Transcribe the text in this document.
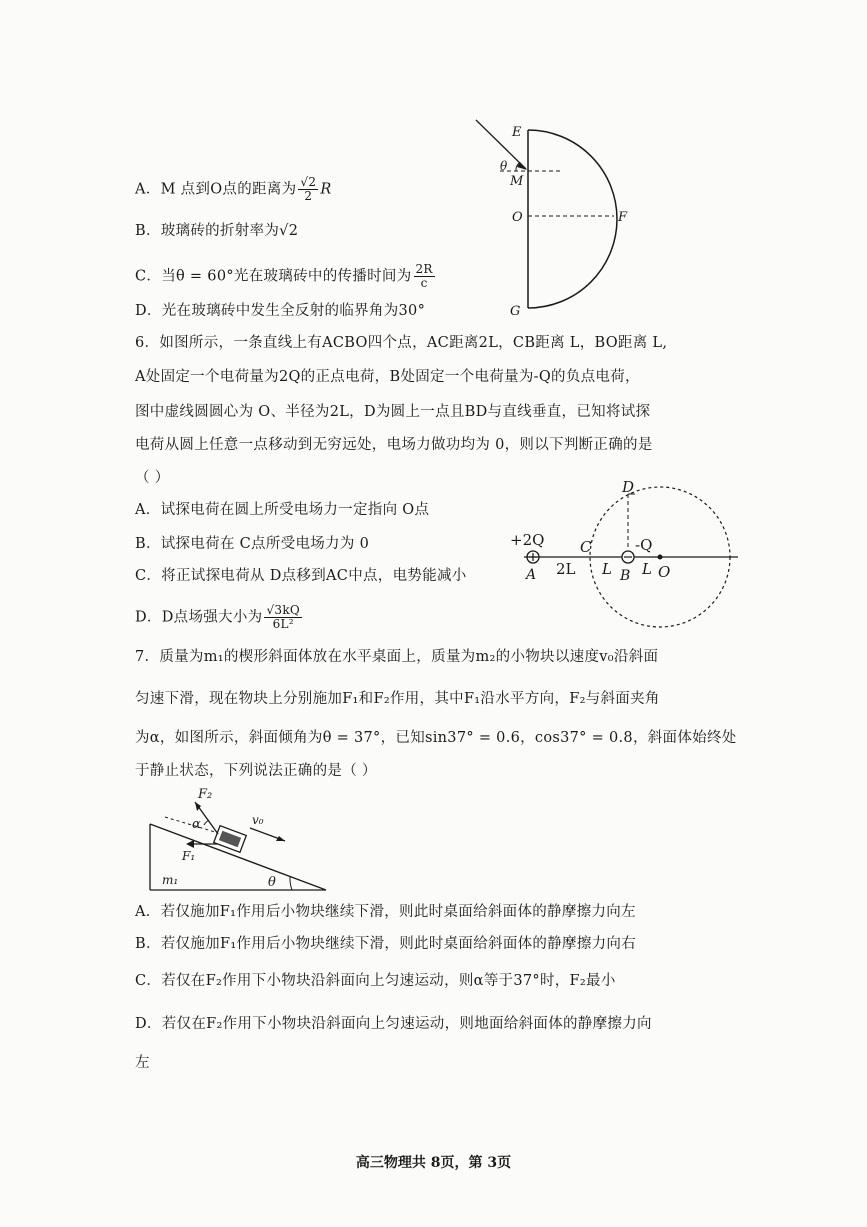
A．M 点到O点的距离为 $\frac{√2}{2}$ R
B．玻璃砖的折射率为√2
C．当θ = 60°光在玻璃砖中的传播时间为 $\frac{2R}{c}$
D．光在玻璃砖中发生全反射的临界角为30°
E
θ
M
O	F
G
6．如图所示，一条直线上有ACBO四个点，AC距离2L，CB距离 L，BO距离 L,
A处固定一个电荷量为2Q的正点电荷，B处固定一个电荷量为-Q的负点电荷，
图中虚线圆圆心为 O、半径为2L，D为圆上一点且BD与直线垂直，已知将试探
电荷从圆上任意一点移动到无穷远处，电场力做功均为 0，则以下判断正确的是
（ ）
A．试探电荷在圆上所受电场力一定指向 O点
B．试探电荷在 C点所受电场力为 0
C．将正试探电荷从 D点移到AC中点，电势能减小
D．D点场强大小为 $\frac{√3kQ}{\text{6L²}}$
D
+2Q
A
C	-Q
B O
2L L L
7．质量为m₁的楔形斜面体放在水平桌面上，质量为m₂的小物块以速度v₀沿斜面
匀速下滑，现在物块上分别施加F₁和F₂作用，其中F₁沿水平方向，F₂与斜面夹角
为α，如图所示，斜面倾角为θ = 37°，已知sin37° = 0.6，cos37° = 0.8，斜面体始终处
于静止状态，下列说法正确的是（ ）
F₂
α	v₀
F₁
m₁	θ
A．若仅施加F₁作用后小物块继续下滑，则此时桌面给斜面体的静摩擦力向左
B．若仅施加F₁作用后小物块继续下滑，则此时桌面给斜面体的静摩擦力向右
C．若仅在F₂作用下小物块沿斜面向上匀速运动，则α等于37°时，F₂最小
D．若仅在F₂作用下小物块沿斜面向上匀速运动，则地面给斜面体的静摩擦力向
左
高三物理共 8页，第 3页
